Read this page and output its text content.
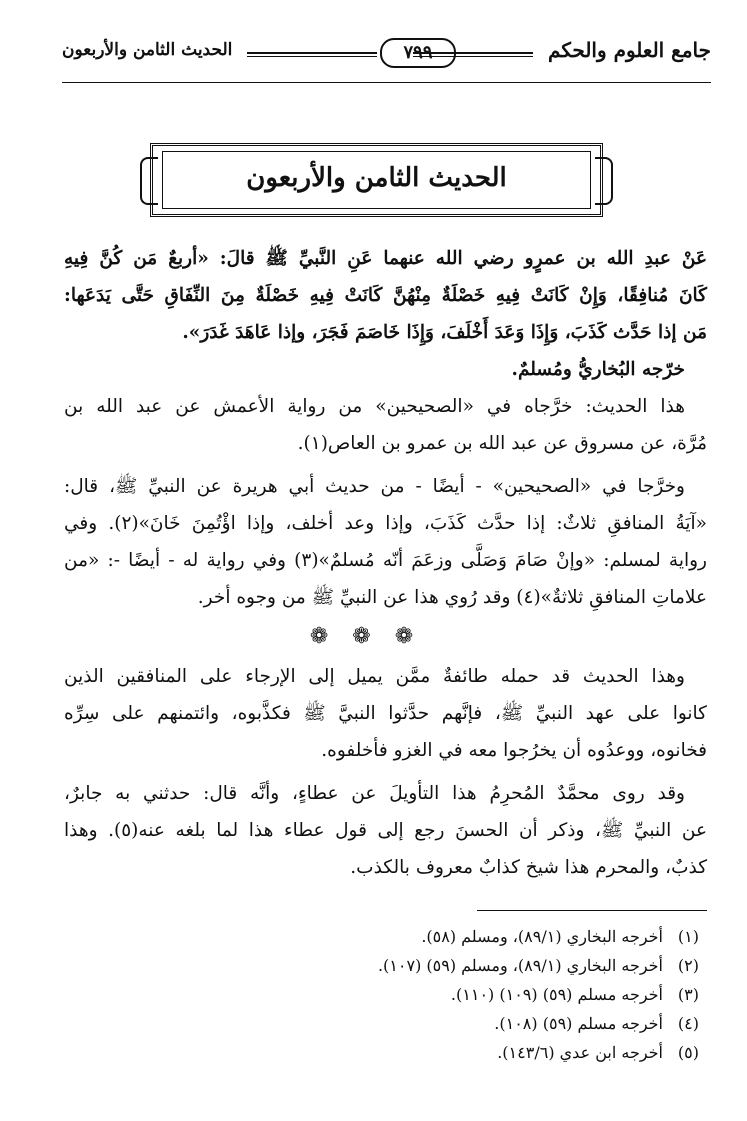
جامع العلوم والحكم
٧٩٩
الحديث الثامن والأربعون
الحديث الثامن والأربعون
عَنْ عبدِ الله بن عمرٍو رضي الله عنهما عَنِ النَّبيِّ ﷺ قالَ: «أربعٌ مَن كُنَّ فِيهِ
كَانَ مُنافِقًا، وَإِنْ كَانَتْ فِيهِ خَصْلَةٌ مِنْهُنَّ كَانَتْ فِيهِ خَصْلَةٌ مِنَ النِّفَاقِ حَتَّى يَدَعَها:
مَن إذا حَدَّث كَذَبَ، وَإِذَا وَعَدَ أَخْلَفَ، وَإِذَا خَاصَمَ فَجَرَ، وإذا عَاهَدَ غَدَرَ».
خرّجه البُخاريُّ ومُسلمٌ.
هذا الحديث: خرَّجاه في «الصحيحين» من رواية الأعمش عن عبد الله بن
مُرَّة، عن مسروق عن عبد الله بن عمرو بن العاص(١).
وخرَّجا في «الصحيحين» - أيضًا - من حديث أبي هريرة عن النبيِّ ﷺ، قال:
«آيَةُ المنافقِ ثلاثٌ: إذا حدَّث كَذَبَ، وإذا وعد أخلف، وإذا اؤْتُمِنَ خَانَ»(٢). وفي
رواية لمسلم: «وإنْ صَامَ وَصَلَّى وزعَمَ أنّه مُسلمٌ»(٣) وفي رواية له - أيضًا -: «من
علاماتِ المنافقِ ثلاثةٌ»(٤) وقد رُوي هذا عن النبيِّ ﷺ من وجوه أخر.
❁❁❁
وهذا الحديث قد حمله طائفةٌ ممَّن يميل إلى الإرجاء على المنافقين الذين
كانوا على عهد النبيِّ ﷺ، فإنَّهم حدَّثوا النبيَّ ﷺ فكذَّبوه، وائتمنهم على سِرِّه
فخانوه، ووعدُوه أن يخرُجوا معه في الغزو فأخلفوه.
وقد روى محمَّدٌ المُحرِمُ هذا التأويلَ عن عطاءٍ، وأنَّه قال: حدثني به جابرٌ،
عن النبيِّ ﷺ، وذكر أن الحسنَ رجع إلى قول عطاء هذا لما بلغه عنه(٥). وهذا
كذبٌ، والمحرم هذا شيخ كذابٌ معروف بالكذب.
(١)أخرجه البخاري (٨٩/١)، ومسلم (٥٨).
(٢)أخرجه البخاري (٨٩/١)، ومسلم (٥٩) (١٠٧).
(٣)أخرجه مسلم (٥٩) (١٠٩) (١١٠).
(٤)أخرجه مسلم (٥٩) (١٠٨).
(٥)أخرجه ابن عدي (١٤٣/٦).
